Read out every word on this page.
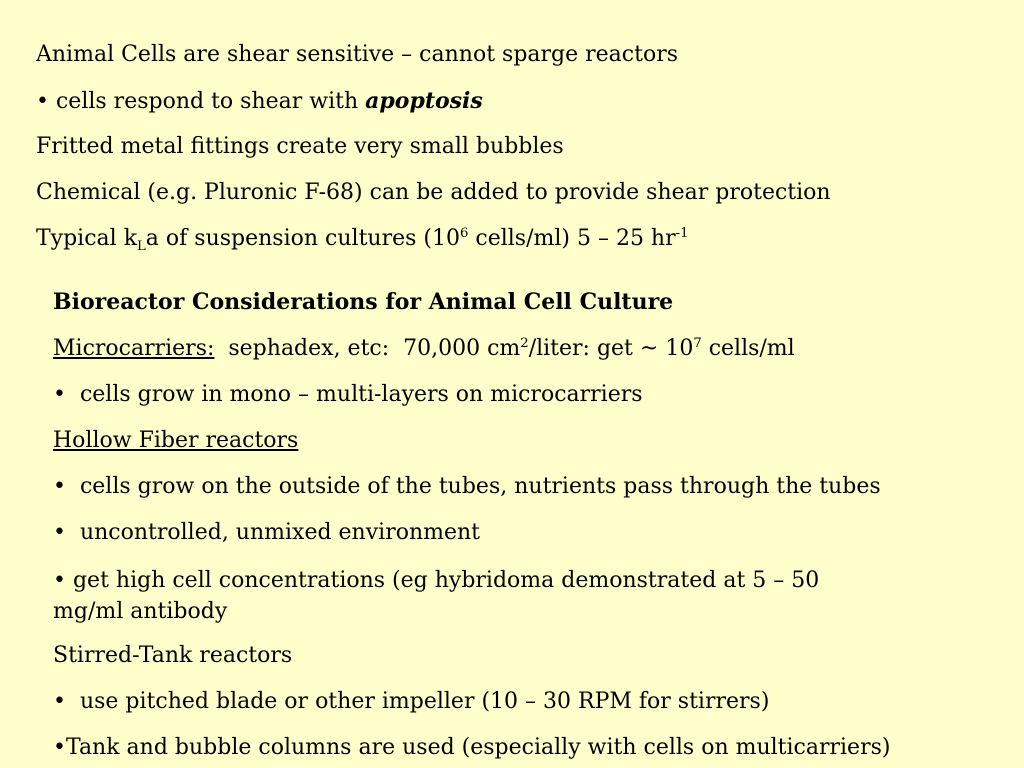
Animal Cells are shear sensitive – cannot sparge reactors
• cells respond to shear with apoptosis
Fritted metal fittings create very small bubbles
Chemical (e.g. Pluronic F-68) can be added to provide shear protection
Typical $k_La$ of suspension cultures ($10^6$ cells/ml) 5 – 25 $hr^{-1}$
Bioreactor Considerations for Animal Cell Culture
Microcarriers:  sephadex, etc:  70,000 $cm^2$/liter: get ~ $10^7$ cells/ml
•  cells grow in mono – multi-layers on microcarriers
Hollow Fiber reactors
•  cells grow on the outside of the tubes, nutrients pass through the tubes
•  uncontrolled, unmixed environment
• get high cell concentrations (eg hybridoma demonstrated at 5 – 50 mg/ml antibody
Stirred-Tank reactors
•  use pitched blade or other impeller (10 – 30 RPM for stirrers)
•Tank and bubble columns are used (especially with cells on multicarriers)
